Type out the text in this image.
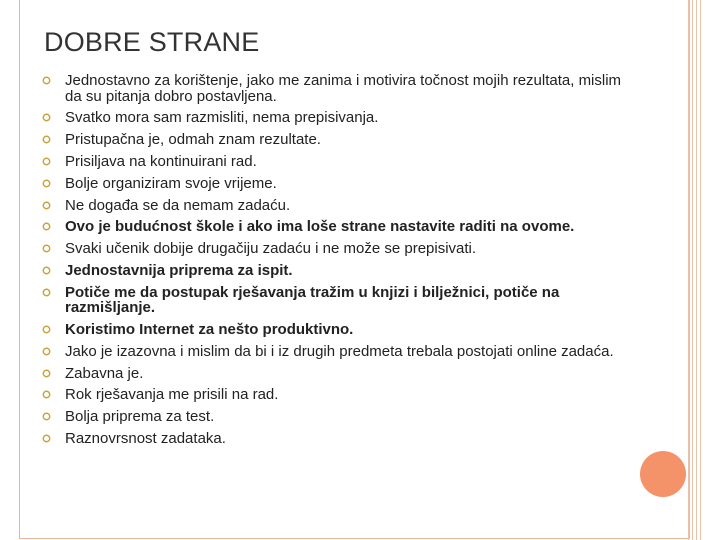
DOBRE STRANE
Jednostavno za korištenje, jako me zanima i motivira točnost mojih rezultata, mislim da su pitanja dobro postavljena.
Svatko mora sam razmisliti, nema prepisivanja.
Pristupačna je, odmah znam rezultate.
Prisiljava na kontinuirani rad.
Bolje organiziram svoje vrijeme.
Ne događa se da nemam zadaću.
Ovo je budućnost škole i ako ima loše strane nastavite raditi na ovome.
Svaki učenik dobije drugačiju zadaću i ne može se prepisivati.
Jednostavnija priprema za ispit.
Potiče me da postupak rješavanja tražim u knjizi i bilježnici, potiče na razmišljanje.
Koristimo Internet za nešto produktivno.
Jako je izazovna i mislim da bi i iz drugih predmeta trebala postojati online zadaća.
Zabavna je.
Rok rješavanja me prisili na rad.
Bolja priprema za test.
Raznovrsnost zadataka.
